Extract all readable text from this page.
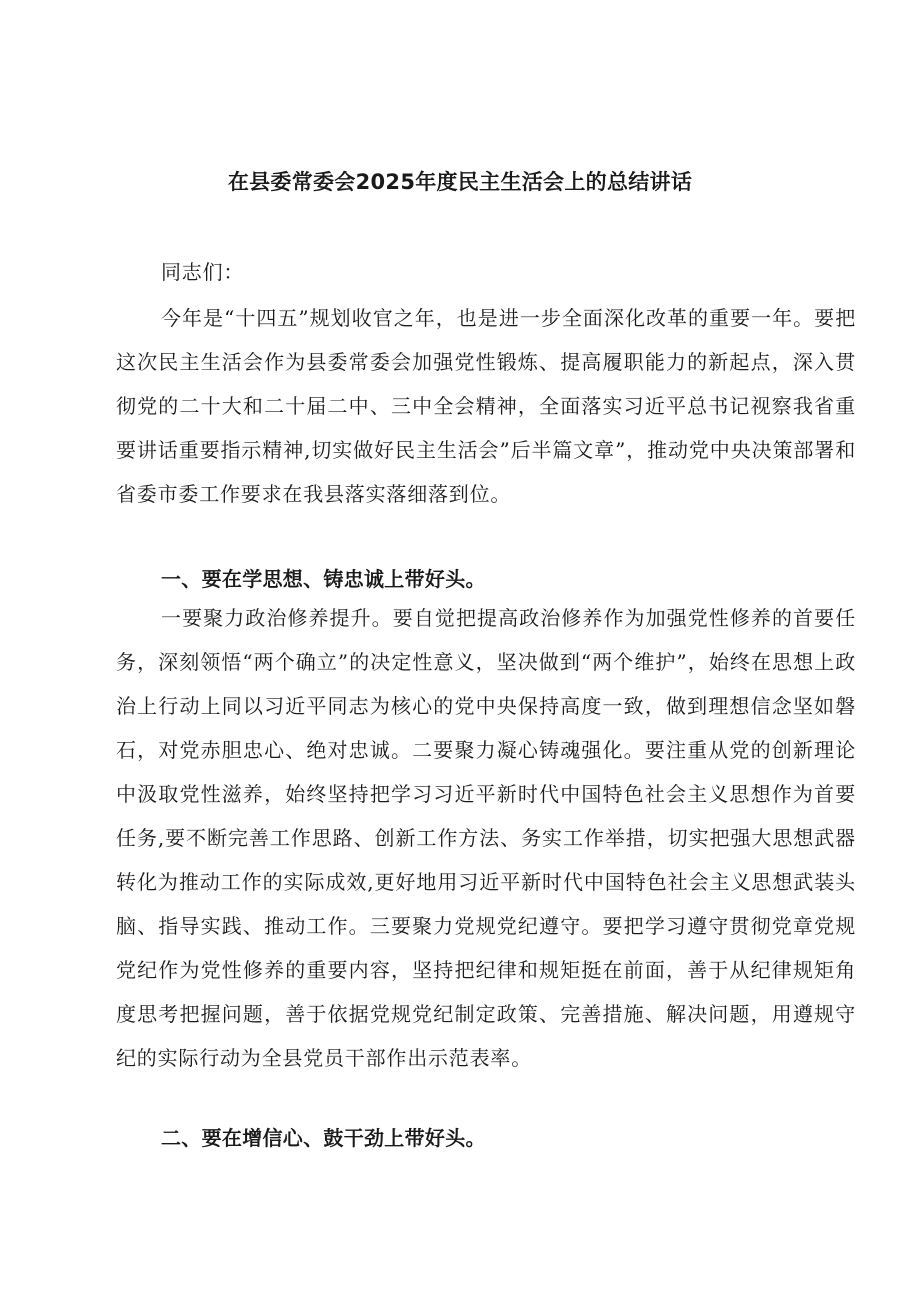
在县委常委会2025年度民主生活会上的总结讲话

同志们：

今年是“十四五”规划收官之年，也是进一步全面深化改革的重要一年。要把这次民主生活会作为县委常委会加强党性锻炼、提高履职能力的新起点，深入贯彻党的二十大和二十届二中、三中全会精神，全面落实习近平总书记视察我省重要讲话重要指示精神,切实做好民主生活会”后半篇文章”，推动党中央决策部署和省委市委工作要求在我县落实落细落到位。

一、要在学思想、铸忠诚上带好头。

一要聚力政治修养提升。要自觉把提高政治修养作为加强党性修养的首要任务，深刻领悟“两个确立”的决定性意义，坚决做到“两个维护”，始终在思想上政治上行动上同以习近平同志为核心的党中央保持高度一致，做到理想信念坚如磐石，对党赤胆忠心、绝对忠诚。二要聚力凝心铸魂强化。要注重从党的创新理论中汲取党性滋养，始终坚持把学习习近平新时代中国特色社会主义思想作为首要任务,要不断完善工作思路、创新工作方法、务实工作举措，切实把强大思想武器转化为推动工作的实际成效,更好地用习近平新时代中国特色社会主义思想武装头脑、指导实践、推动工作。三要聚力党规党纪遵守。要把学习遵守贯彻党章党规党纪作为党性修养的重要内容，坚持把纪律和规矩挺在前面，善于从纪律规矩角度思考把握问题，善于依据党规党纪制定政策、完善措施、解决问题，用遵规守纪的实际行动为全县党员干部作出示范表率。

二、要在增信心、鼓干劲上带好头。
